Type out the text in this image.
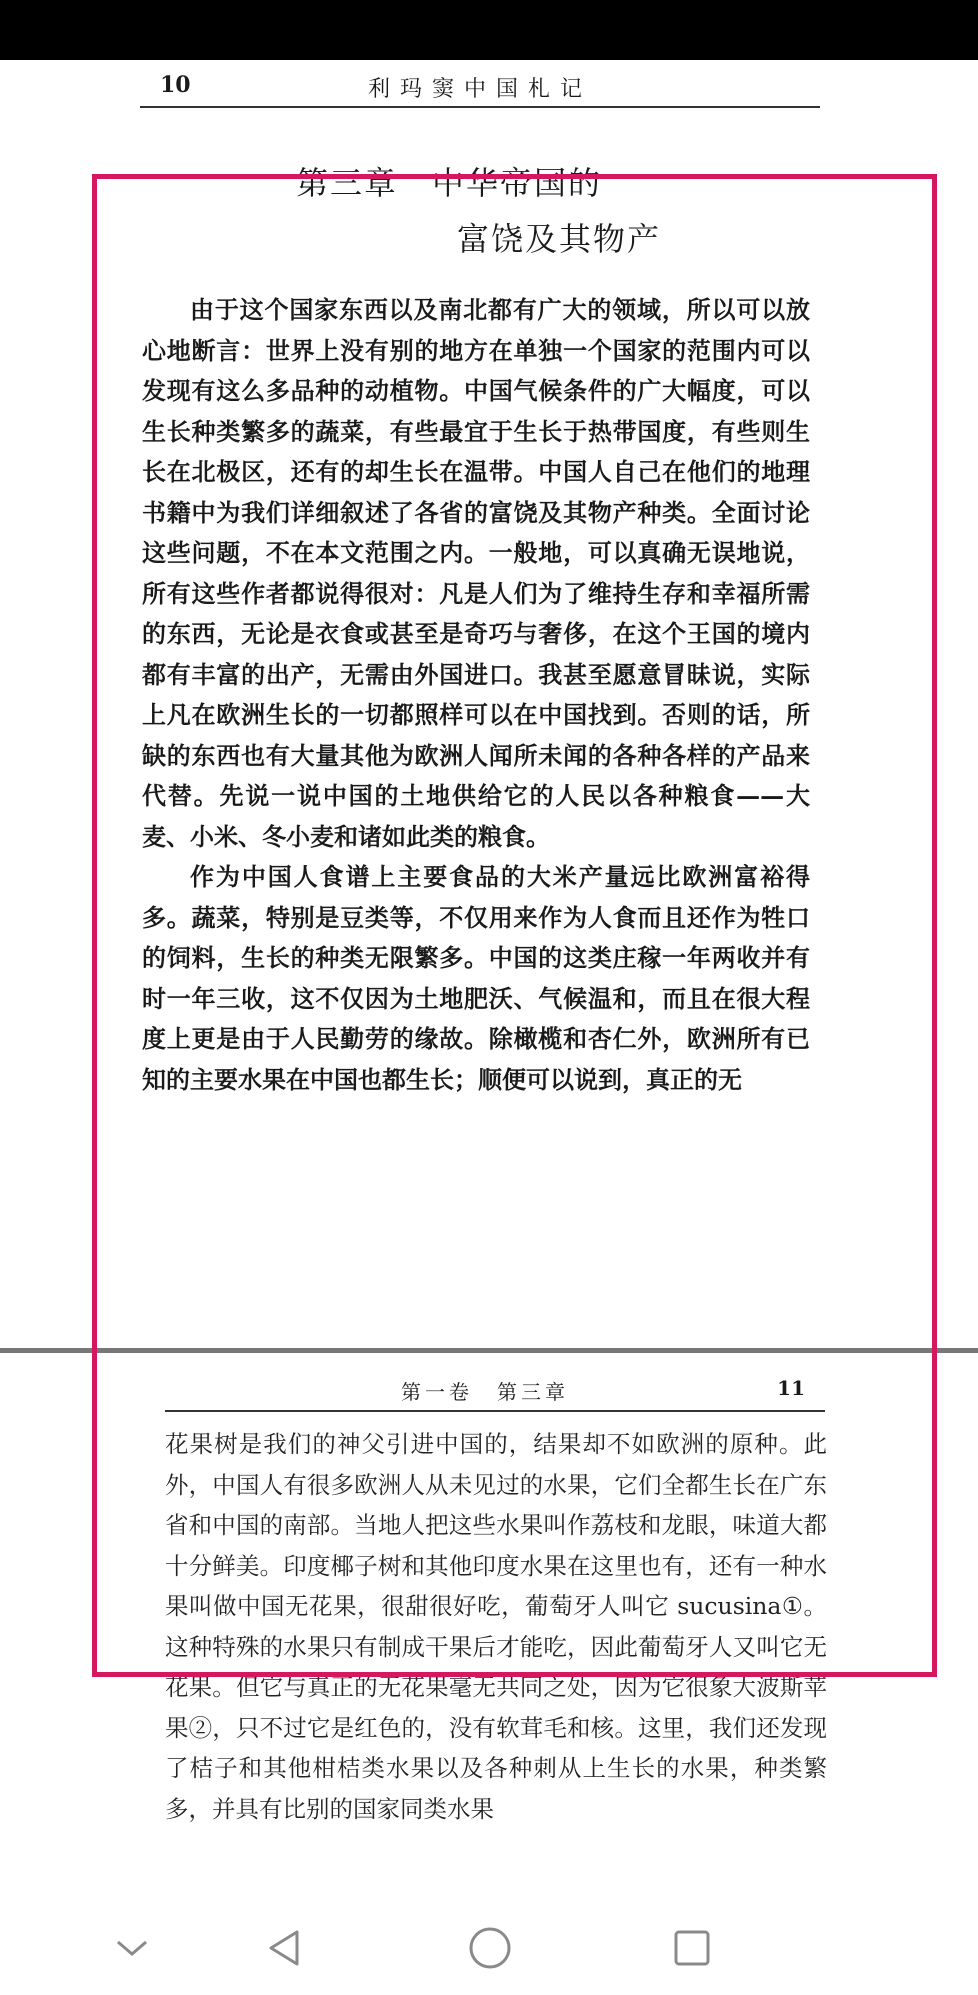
10	利玛窦中国札记
第三章　中华帝国的
富饶及其物产

由于这个国家东西以及南北都有广大的领域，所以可以放心地断言：世界上没有别的地方在单独一个国家的范围内可以发现有这么多品种的动植物。中国气候条件的广大幅度，可以生长种类繁多的蔬菜，有些最宜于生长于热带国度，有些则生长在北极区，还有的却生长在温带。中国人自己在他们的地理书籍中为我们详细叙述了各省的富饶及其物产种类。全面讨论这些问题，不在本文范围之内。一般地，可以真确无误地说，所有这些作者都说得很对：凡是人们为了维持生存和幸福所需的东西，无论是衣食或甚至是奇巧与奢侈，在这个王国的境内都有丰富的出产，无需由外国进口。我甚至愿意冒昧说，实际上凡在欧洲生长的一切都照样可以在中国找到。否则的话，所缺的东西也有大量其他为欧洲人闻所未闻的各种各样的产品来代替。先说一说中国的土地供给它的人民以各种粮食——大麦、小米、冬小麦和诸如此类的粮食。

作为中国人食谱上主要食品的大米产量远比欧洲富裕得多。蔬菜，特别是豆类等，不仅用来作为人食而且还作为牲口的饲料，生长的种类无限繁多。中国的这类庄稼一年两收并有时一年三收，这不仅因为土地肥沃、气候温和，而且在很大程度上更是由于人民勤劳的缘故。除橄榄和杏仁外，欧洲所有已知的主要水果在中国也都生长；顺便可以说到，真正的无

第一卷　第三章	11

花果树是我们的神父引进中国的，结果却不如欧洲的原种。此外，中国人有很多欧洲人从未见过的水果，它们全都生长在广东省和中国的南部。当地人把这些水果叫作荔枝和龙眼，味道大都十分鲜美。印度椰子树和其他印度水果在这里也有，还有一种水果叫做中国无花果，很甜很好吃，葡萄牙人叫它 sucusina①。这种特殊的水果只有制成干果后才能吃，因此葡萄牙人又叫它无花果。但它与真正的无花果毫无共同之处，因为它很象大波斯苹果②，只不过它是红色的，没有软茸毛和核。这里，我们还发现了桔子和其他柑桔类水果以及各种刺从上生长的水果，种类繁多，并具有比别的国家同类水果
